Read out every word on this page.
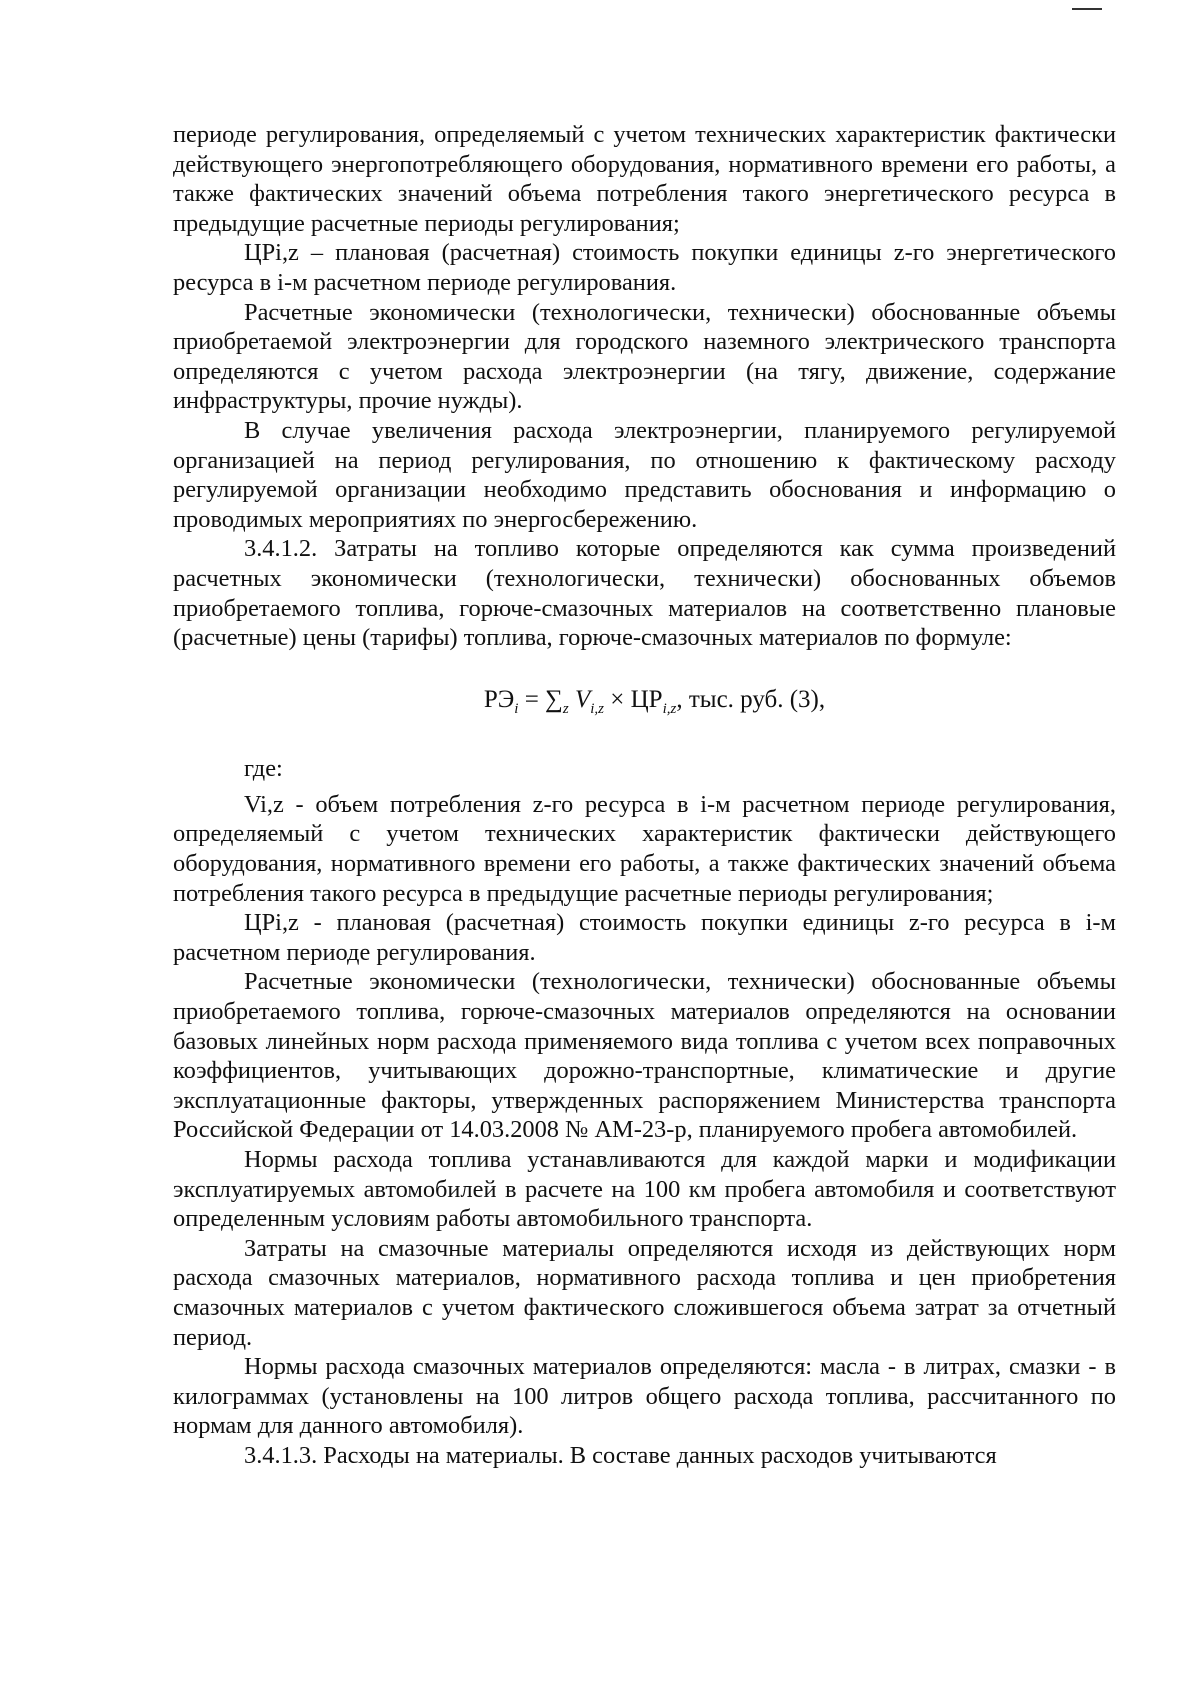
периоде регулирования, определяемый с учетом технических характеристик фактически действующего энергопотребляющего оборудования, нормативного времени его работы, а также фактических значений объема потребления такого энергетического ресурса в предыдущие расчетные периоды регулирования;

ЦРi,z – плановая (расчетная) стоимость покупки единицы z-го энергетического ресурса в i-м расчетном периоде регулирования.

Расчетные экономически (технологически, технически) обоснованные объемы приобретаемой электроэнергии для городского наземного электрического транспорта определяются с учетом расхода электроэнергии (на тягу, движение, содержание инфраструктуры, прочие нужды).

В случае увеличения расхода электроэнергии, планируемого регулируемой организацией на период регулирования, по отношению к фактическому расходу регулируемой организации необходимо представить обоснования и информацию о проводимых мероприятиях по энергосбережению.

3.4.1.2. Затраты на топливо которые определяются как сумма произведений расчетных экономически (технологически, технически) обоснованных объемов приобретаемого топлива, горюче-смазочных материалов на соответственно плановые (расчетные) цены (тарифы) топлива, горюче-смазочных материалов по формуле:

$РЭ_i = \sum_z$ $V_{i,z} \times ЦР_{i,z}$, тыс. руб. (3),

где:

Vi,z - объем потребления z-го ресурса в i-м расчетном периоде регулирования, определяемый с учетом технических характеристик фактически действующего оборудования, нормативного времени его работы, а также фактических значений объема потребления такого ресурса в предыдущие расчетные периоды регулирования;

ЦРi,z - плановая (расчетная) стоимость покупки единицы z-го ресурса в i-м расчетном периоде регулирования.

Расчетные экономически (технологически, технически) обоснованные объемы приобретаемого топлива, горюче-смазочных материалов определяются на основании базовых линейных норм расхода применяемого вида топлива с учетом всех поправочных коэффициентов, учитывающих дорожно-транспортные, климатические и другие эксплуатационные факторы, утвержденных распоряжением Министерства транспорта Российской Федерации от 14.03.2008 № АМ-23-р, планируемого пробега автомобилей.

Нормы расхода топлива устанавливаются для каждой марки и модификации эксплуатируемых автомобилей в расчете на 100 км пробега автомобиля и соответствуют определенным условиям работы автомобильного транспорта.

Затраты на смазочные материалы определяются исходя из действующих норм расхода смазочных материалов, нормативного расхода топлива и цен приобретения смазочных материалов с учетом фактического сложившегося объема затрат за отчетный период.

Нормы расхода смазочных материалов определяются: масла - в литрах, смазки - в килограммах (установлены на 100 литров общего расхода топлива, рассчитанного по нормам для данного автомобиля).

3.4.1.3. Расходы на материалы. В составе данных расходов учитываются
